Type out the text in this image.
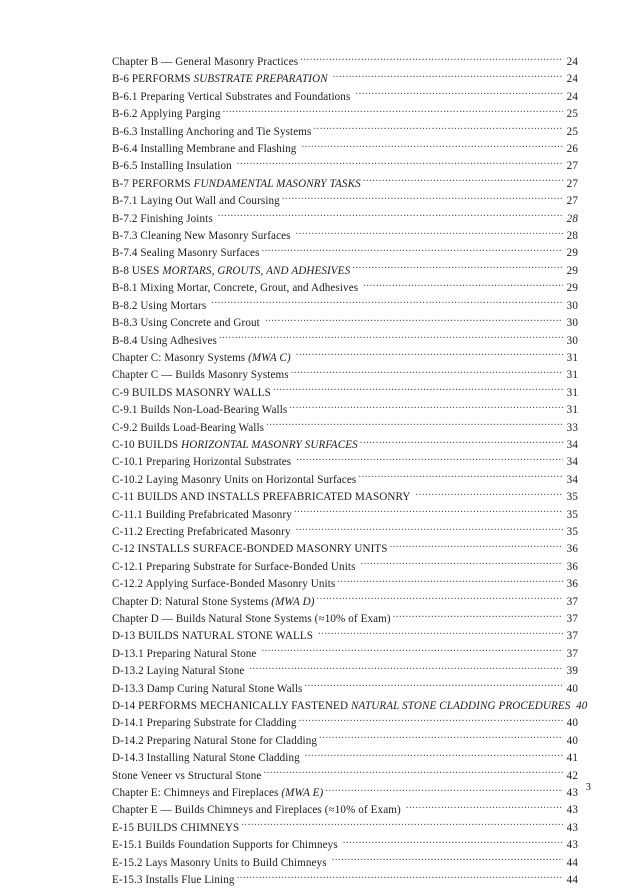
Chapter B — General Masonry Practices .....	24
B-6 PERFORMS SUBSTRATE PREPARATION .....	24
B-6.1 Preparing Vertical Substrates and Foundations .....	24
B-6.2 Applying Parging .....	25
B-6.3 Installing Anchoring and Tie Systems .....	25
B-6.4 Installing Membrane and Flashing .....	26
B-6.5 Installing Insulation .....	27
B-7 PERFORMS FUNDAMENTAL MASONRY TASKS .....	27
B-7.1 Laying Out Wall and Coursing .....	27
B-7.2 Finishing Joints .....	28
B-7.3 Cleaning New Masonry Surfaces .....	28
B-7.4 Sealing Masonry Surfaces .....	29
B-8 USES MORTARS, GROUTS, AND ADHESIVES .....	29
B-8.1 Mixing Mortar, Concrete, Grout, and Adhesives .....	29
B-8.2 Using Mortars .....	30
B-8.3 Using Concrete and Grout .....	30
B-8.4 Using Adhesives .....	30
Chapter C: Masonry Systems (MWA C) .....	31
Chapter C — Builds Masonry Systems .....	31
C-9 BUILDS MASONRY WALLS .....	31
C-9.1 Builds Non-Load-Bearing Walls .....	31
C-9.2 Builds Load-Bearing Walls .....	33
C-10 BUILDS HORIZONTAL MASONRY SURFACES .....	34
C-10.1 Preparing Horizontal Substrates .....	34
C-10.2 Laying Masonry Units on Horizontal Surfaces .....	34
C-11 BUILDS AND INSTALLS PREFABRICATED MASONRY .....	35
C-11.1 Building Prefabricated Masonry .....	35
C-11.2 Erecting Prefabricated Masonry .....	35
C-12 INSTALLS SURFACE-BONDED MASONRY UNITS .....	36
C-12.1 Preparing Substrate for Surface-Bonded Units .....	36
C-12.2 Applying Surface-Bonded Masonry Units .....	36
Chapter D: Natural Stone Systems (MWA D) .....	37
Chapter D — Builds Natural Stone Systems (≈10% of Exam) .....	37
D-13 BUILDS NATURAL STONE WALLS .....	37
D-13.1 Preparing Natural Stone .....	37
D-13.2 Laying Natural Stone .....	39
D-13.3 Damp Curing Natural Stone Walls .....	40
D-14 PERFORMS MECHANICALLY FASTENED NATURAL STONE CLADDING PROCEDURES 40
D-14.1 Preparing Substrate for Cladding .....	40
D-14.2 Preparing Natural Stone for Cladding .....	40
D-14.3 Installing Natural Stone Cladding .....	41
Stone Veneer vs Structural Stone .....	42
Chapter E: Chimneys and Fireplaces (MWA E) .....	43
Chapter E — Builds Chimneys and Fireplaces (≈10% of Exam) .....	43
E-15 BUILDS CHIMNEYS .....	43
E-15.1 Builds Foundation Supports for Chimneys .....	43
E-15.2 Lays Masonry Units to Build Chimneys .....	44
E-15.3 Installs Flue Lining .....	44
3
